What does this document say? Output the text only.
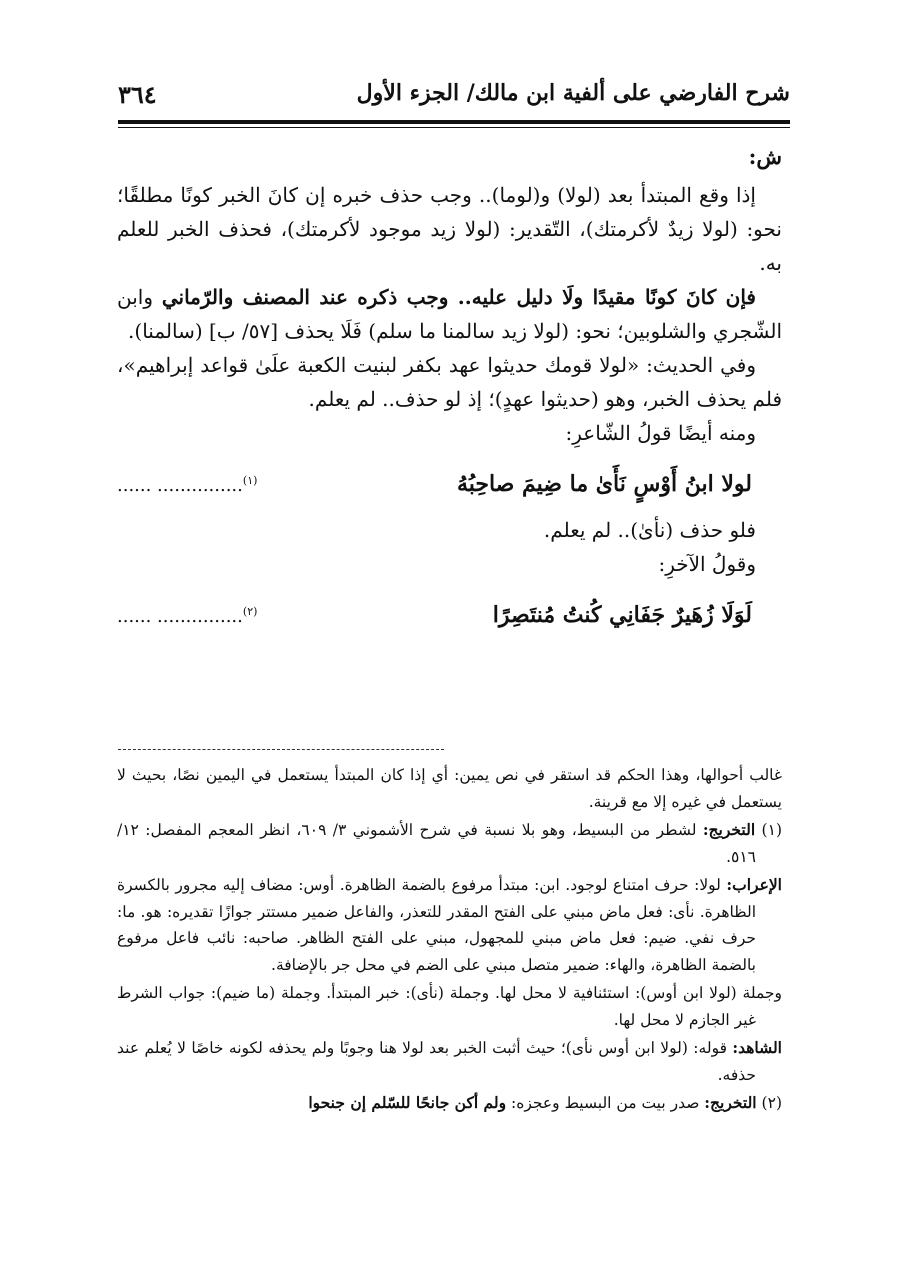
شرح الفارضي على ألفية ابن مالك/ الجزء الأول
٣٦٤

ش:

إذا وقع المبتدأ بعد (لولا) و(لوما).. وجب حذف خبره إن كانَ الخبر كونًا مطلقًا؛ نحو: (لولا زيدٌ لأكرمتك)، التّقدير: (لولا زيد موجود لأكرمتك)، فحذف الخبر للعلم به.

فإن كانَ كونًا مقيدًا ولَا دليل عليه.. وجب ذكره عند المصنف والرّماني وابن الشّجري والشلوبين؛ نحو: (لولا زيد سالمنا ما سلم) فَلَا يحذف [٥٧/ ب] (سالمنا).

وفي الحديث: «لولا قومك حديثوا عهد بكفر لبنيت الكعبة علَىٰ قواعد إبراهيم»، فلم يحذف الخبر، وهو (حديثوا عهدٍ)؛ إذ لو حذف.. لم يعلم.

ومنه أيضًا قولُ الشّاعرِ:

لولا ابنُ أَوْسٍ نَأَىٰ ما ضِيمَ صاحِبُهُ
...... ...............$^{(١)}$

فلو حذف (نأىٰ).. لم يعلم.

وقولُ الآخرِ:

لَوَلَا زُهَيرٌ جَفَانِي كُنتُ مُنتَصِرًا
...... ...............$^{(٢)}$

غالب أحوالها، وهذا الحكم قد استقر في نص يمين: أي إذا كان المبتدأ يستعمل في اليمين نصًا، بحيث لا يستعمل في غيره إلا مع قرينة.

(١) التخريج: لشطر من البسيط، وهو بلا نسبة في شرح الأشموني ٣/ ٦٠٩، انظر المعجم المفصل: ١٢/ ٥١٦.

الإعراب: لولا: حرف امتناع لوجود. ابن: مبتدأ مرفوع بالضمة الظاهرة. أوس: مضاف إليه مجرور بالكسرة الظاهرة. نأى: فعل ماض مبني على الفتح المقدر للتعذر، والفاعل ضمير مستتر جوازًا تقديره: هو. ما: حرف نفي. ضيم: فعل ماض مبني للمجهول، مبني على الفتح الظاهر. صاحبه: نائب فاعل مرفوع بالضمة الظاهرة، والهاء: ضمير متصل مبني على الضم في محل جر بالإضافة.

وجملة (لولا ابن أوس): استئنافية لا محل لها. وجملة (نأى): خبر المبتدأ. وجملة (ما ضيم): جواب الشرط غير الجازم لا محل لها.

الشاهد: قوله: (لولا ابن أوس نأى)؛ حيث أثبت الخبر بعد لولا هنا وجوبًا ولم يحذفه لكونه خاصًا لا يُعلم عند حذفه.

(٢) التخريج: صدر بيت من البسيط وعجزه: ولم أكن جانحًا للسّلم إن جنحوا
